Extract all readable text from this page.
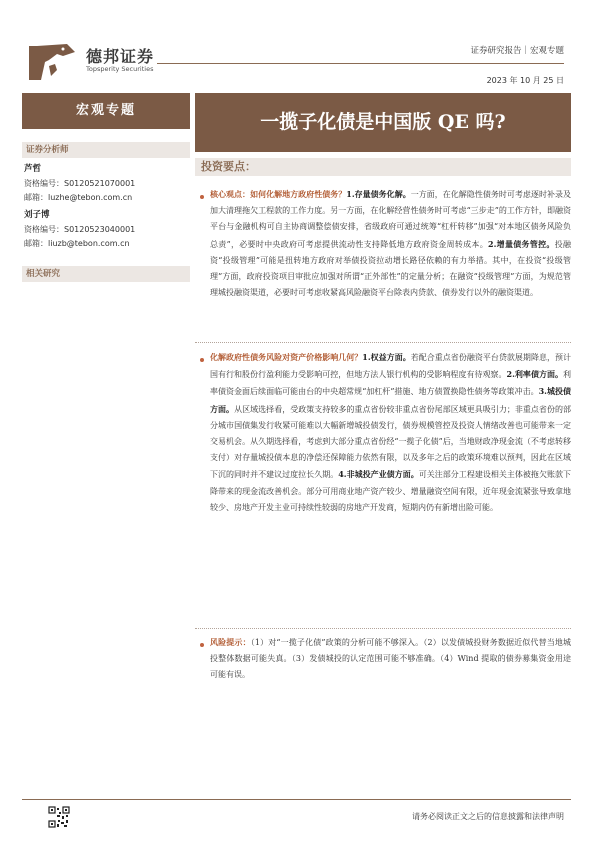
德邦证券
Topsperity Securities
证券研究报告｜宏观专题
2023 年 10 月 25 日
宏观专题
一揽子化债是中国版 QE 吗?
证券分析师
芦哲
资格编号：S0120521070001
邮箱：luzhe@tebon.com.cn
刘子博
资格编号：S0120523040001
邮箱：liuzb@tebon.com.cn
相关研究
投资要点：
核心观点：如何化解地方政府性债务？1.存量债务化解。一方面，在化解隐性债务时可考虑逐时补录及加大清理拖欠工程款的工作力度。另一方面，在化解经营性债务时可考虑“三步走”的工作方针，即融资平台与金融机构可自主协商调整偿债安排，省级政府可通过统筹“杠杆转移”加强“对本地区债务风险负总责”，必要时中央政府可考虑提供流动性支持降低地方政府资金周转成本。2.增量债务管控。投融资“投级管理”可能是扭转地方政府对举债投资拉动增长路径依赖的有力举措。其中，在投资“投级管理”方面，政府投资项目审批应加强对所谓“正外部性”的定量分析；在融资“投级管理”方面，为规范管理城投融资渠道，必要时可考虑收紧高风险融资平台除表内贷款、债券发行以外的融资渠道。
化解政府性债务风险对资产价格影响几何？1.权益方面。若配合重点省份融资平台贷款展期降息，预计国有行和股份行盈利能力受影响可控，但地方法人银行机构的受影响程度有待观察。2.利率债方面。利率债资金面后续面临可能由台的中央超常规“加杠杆”措施、地方债置换隐性债务等政策冲击。3.城投债方面。从区域选择看，受政策支持较多的重点省份较非重点省份尾部区域更具吸引力；非重点省份的部分城市国债集发行收紧可能难以大幅新增城投债发行，债券规模管控及投资人情绪改善也可能带来一定交易机会。从久期选择看，考虑到大部分重点省份经“一揽子化债”后，当地财政净现金流（不考虑转移支付）对存量城投债本息的净偿还保障能力依然有限，以及多年之后的政策环境难以预判，因此在区域下沉的同时并不建议过度拉长久期。4.非城投产业债方面。可关注部分工程建设相关主体被拖欠账款下降带来的现金流改善机会。部分可用商业地产资产较少、增量融资空间有限，近年现金流紧张导致拿地较少、房地产开发主业可持续性较弱的房地产开发商，短期内仍有新增出险可能。
风险提示：（1）对“一揽子化债”政策的分析可能不够深入。（2）以发债城投财务数据近似代替当地城投整体数据可能失真。（3）发债城投的认定范围可能不够准确。（4）Wind 提取的债券募集资金用途可能有误。
请务必阅读正文之后的信息披露和法律声明
